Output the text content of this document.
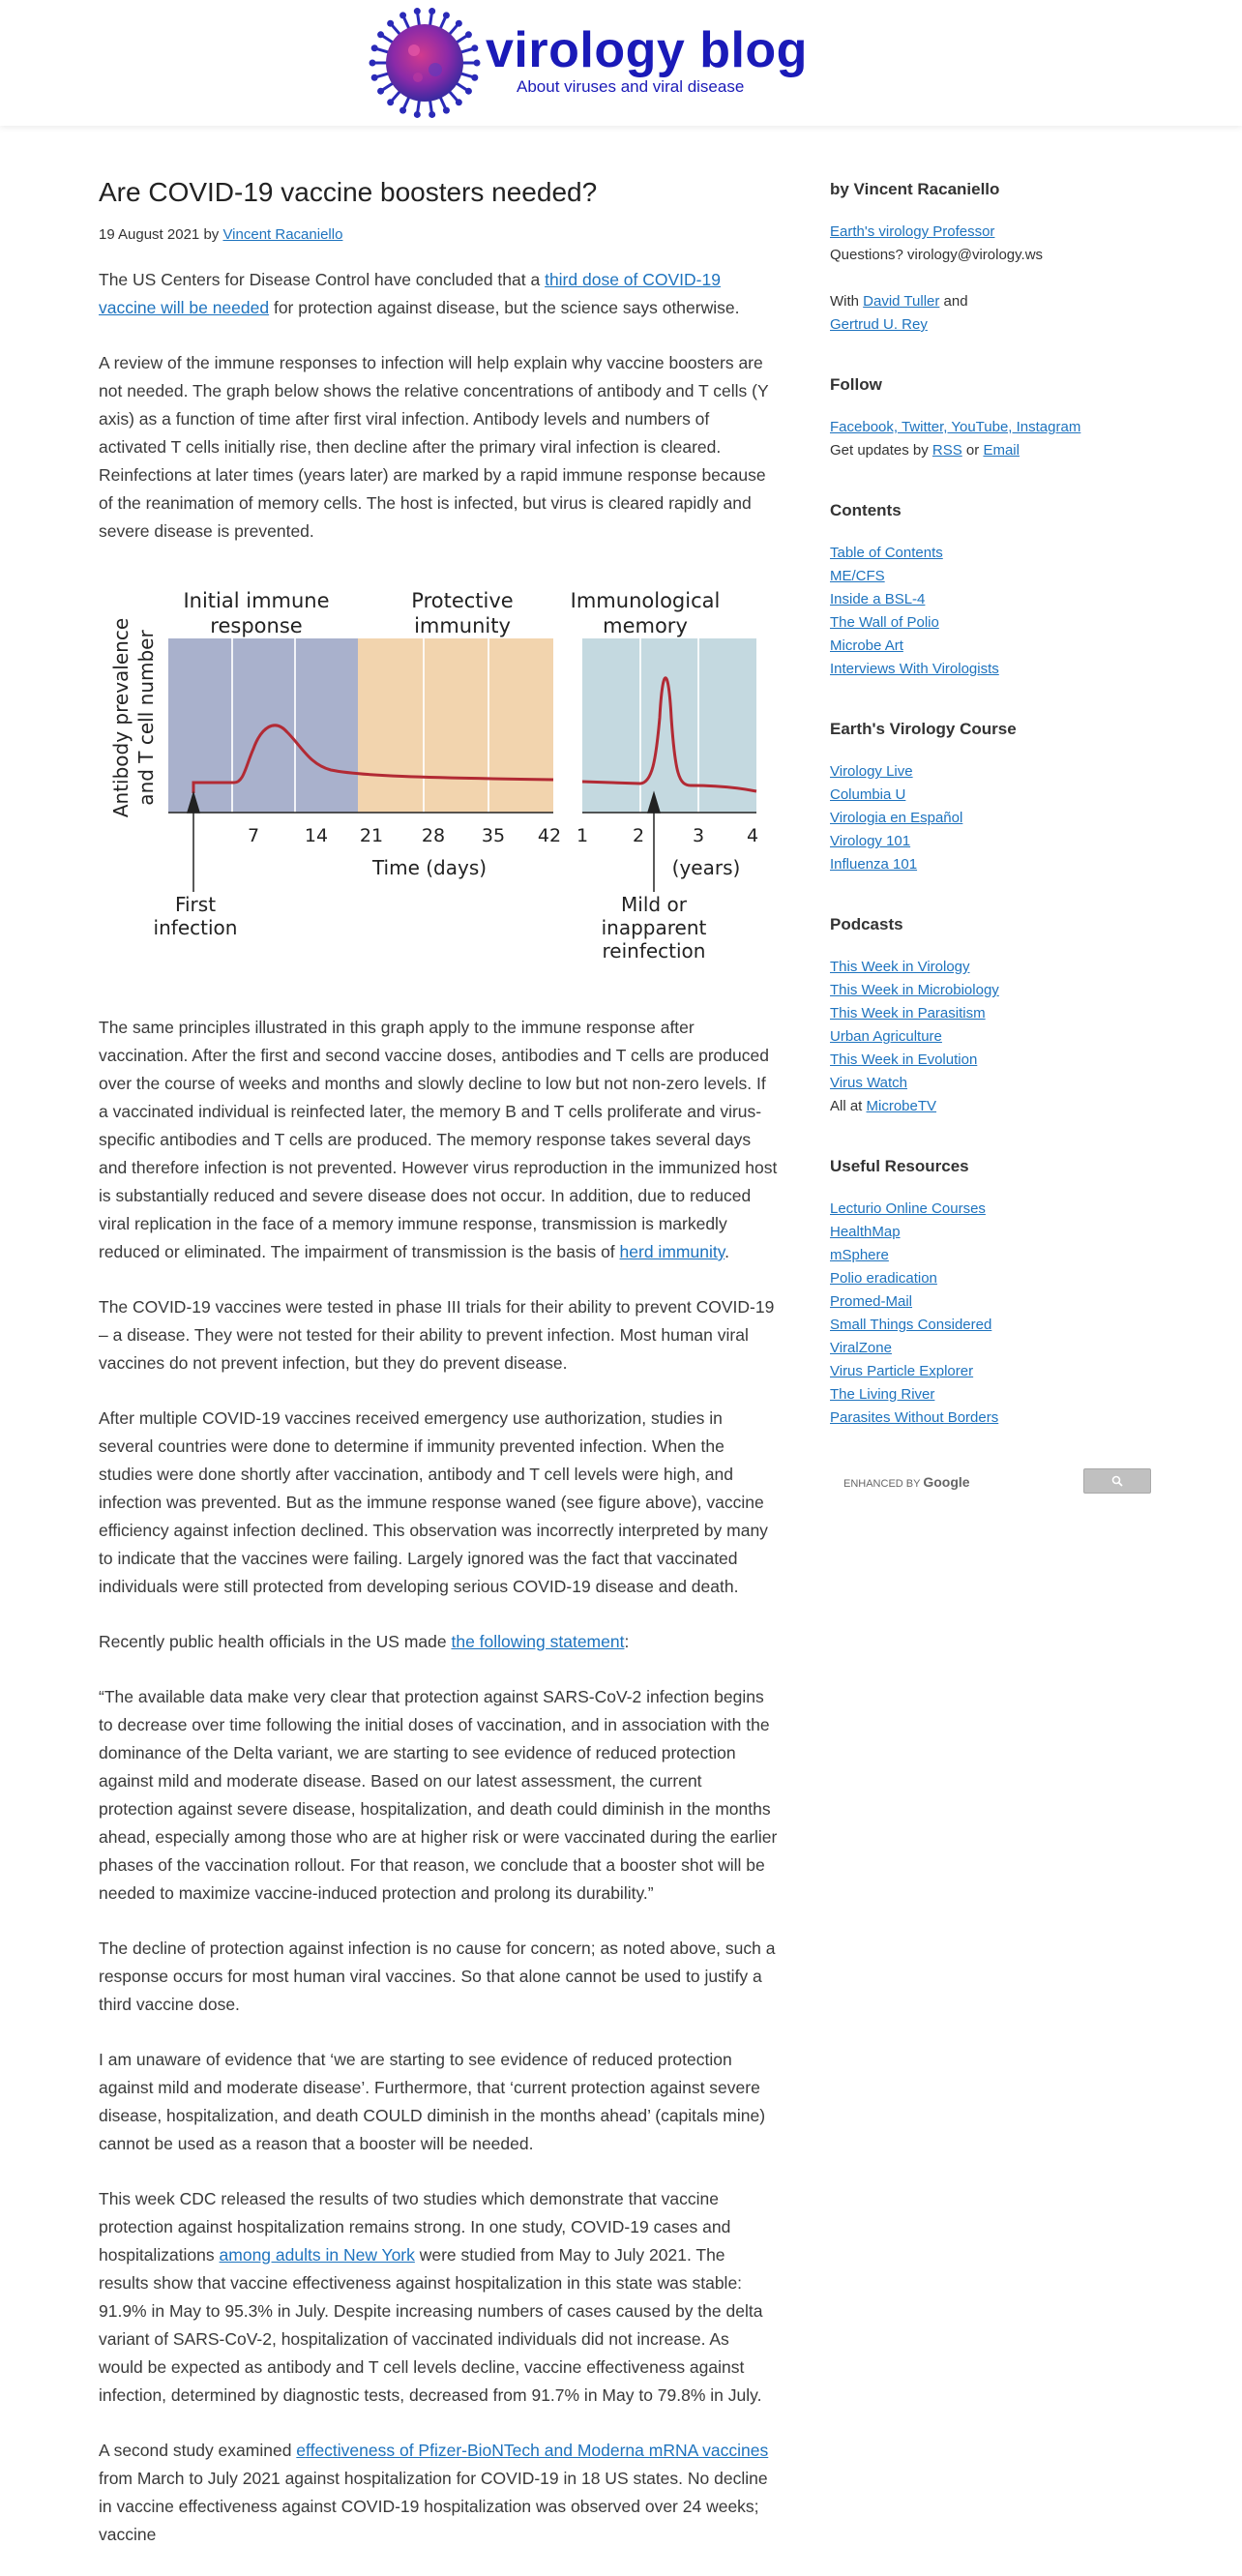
virology blog
About viruses and viral disease
Are COVID-19 vaccine boosters needed?
19 August 2021 by Vincent Racaniello

The US Centers for Disease Control have concluded that a third dose of COVID-19 vaccine will be needed for protection against disease, but the science says otherwise.

A review of the immune responses to infection will help explain why vaccine boosters are not needed. The graph below shows the relative concentrations of antibody and T cells (Y axis) as a function of time after first viral infection. Antibody levels and numbers of activated T cells initially rise, then decline after the primary viral infection is cleared. Reinfections at later times (years later) are marked by a rapid immune response because of the reanimation of memory cells. The host is infected, but virus is cleared rapidly and severe disease is prevented.

Initial immune
response
Protective
immunity
Immunological
memory
Antibody prevalence and T cell number
7 14 21 28 35 42 1 2	3 4
Time (days)	(years)
First
infection
Mild or
inapparent
reinfection

The same principles illustrated in this graph apply to the immune response after vaccination. After the first and second vaccine doses, antibodies and T cells are produced over the course of weeks and months and slowly decline to low but not non-zero levels. If a vaccinated individual is reinfected later, the memory B and T cells proliferate and virus-specific antibodies and T cells are produced. The memory response takes several days and therefore infection is not prevented. However virus reproduction in the immunized host is substantially reduced and severe disease does not occur. In addition, due to reduced viral replication in the face of a memory immune response, transmission is markedly reduced or eliminated. The impairment of transmission is the basis of herd immunity.

The COVID-19 vaccines were tested in phase III trials for their ability to prevent COVID-19 – a disease. They were not tested for their ability to prevent infection. Most human viral vaccines do not prevent infection, but they do prevent disease.

After multiple COVID-19 vaccines received emergency use authorization, studies in several countries were done to determine if immunity prevented infection. When the studies were done shortly after vaccination, antibody and T cell levels were high, and infection was prevented. But as the immune response waned (see figure above), vaccine efficiency against infection declined. This observation was incorrectly interpreted by many to indicate that the vaccines were failing. Largely ignored was the fact that vaccinated individuals were still protected from developing serious COVID-19 disease and death.

Recently public health officials in the US made the following statement:

“The available data make very clear that protection against SARS-CoV-2 infection begins to decrease over time following the initial doses of vaccination, and in association with the dominance of the Delta variant, we are starting to see evidence of reduced protection against mild and moderate disease. Based on our latest assessment, the current protection against severe disease, hospitalization, and death could diminish in the months ahead, especially among those who are at higher risk or were vaccinated during the earlier phases of the vaccination rollout. For that reason, we conclude that a booster shot will be needed to maximize vaccine-induced protection and prolong its durability.”

The decline of protection against infection is no cause for concern; as noted above, such a response occurs for most human viral vaccines. So that alone cannot be used to justify a third vaccine dose.

I am unaware of evidence that ‘we are starting to see evidence of reduced protection against mild and moderate disease’. Furthermore, that ‘current protection against severe disease, hospitalization, and death COULD diminish in the months ahead’ (capitals mine) cannot be used as a reason that a booster will be needed.

This week CDC released the results of two studies which demonstrate that vaccine protection against hospitalization remains strong. In one study, COVID-19 cases and hospitalizations among adults in New York were studied from May to July 2021. The results show that vaccine effectiveness against hospitalization in this state was stable: 91.9% in May to 95.3% in July. Despite increasing numbers of cases caused by the delta variant of SARS-CoV-2, hospitalization of vaccinated individuals did not increase. As would be expected as antibody and T cell levels decline, vaccine effectiveness against infection, determined by diagnostic tests, decreased from 91.7% in May to 79.8% in July.

A second study examined effectiveness of Pfizer-BioNTech and Moderna mRNA vaccines from March to July 2021 against hospitalization for COVID-19 in 18 US states. No decline in vaccine effectiveness against COVID-19 hospitalization was observed over 24 weeks; vaccine

by Vincent Racaniello

Earth's virology Professor

Questions? virology@virology.ws

With David Tuller and

Gertrud U. Rey

Follow

Facebook, Twitter, YouTube, Instagram

Get updates by RSS or Email

Contents
Table of Contents
ME/CFS
Inside a BSL-4
The Wall of Polio
Microbe Art
Interviews With Virologists
Earth's Virology Course
Virology Live
Columbia U
Virologia en Español
Virology 101
Influenza 101
Podcasts
This Week in Virology
This Week in Microbiology
This Week in Parasitism
Urban Agriculture
This Week in Evolution
Virus Watch

All at MicrobeTV

Useful Resources
Lecturio Online Courses
HealthMap
mSphere
Polio eradication
Promed-Mail
Small Things Considered
ViralZone
Virus Particle Explorer
The Living River
Parasites Without Borders
ENHANCED BY Google
